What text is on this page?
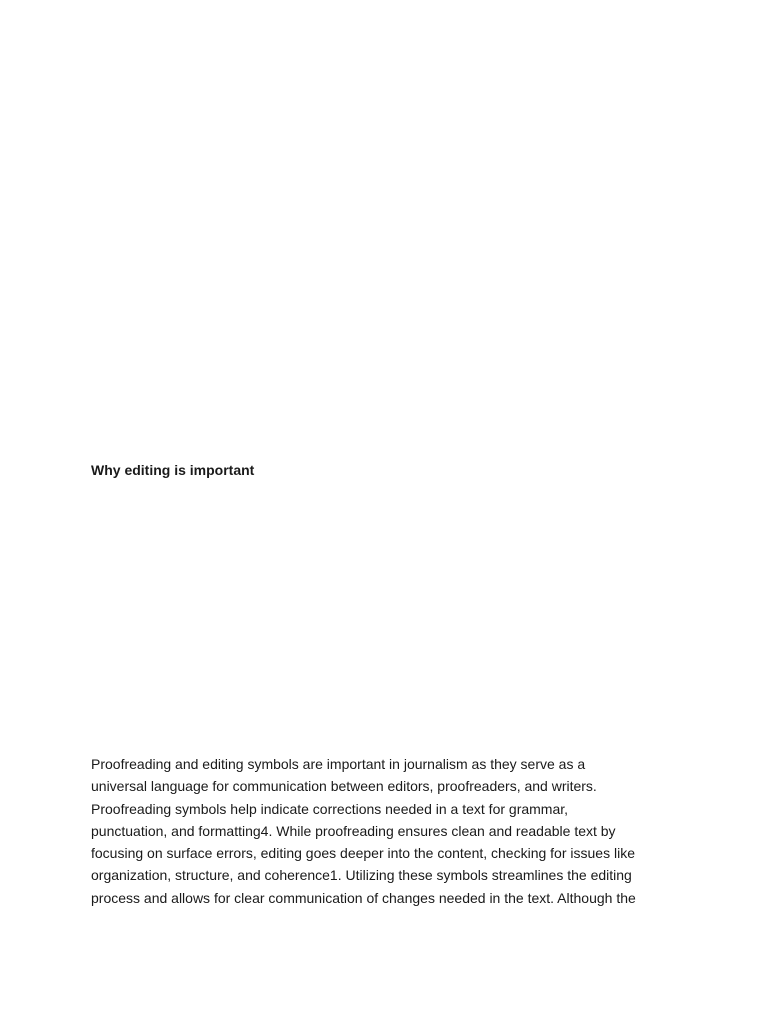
Why editing is important

Proofreading and editing symbols are important in journalism as they serve as a
universal language for communication between editors, proofreaders, and writers.
Proofreading symbols help indicate corrections needed in a text for grammar,
punctuation, and formatting4. While proofreading ensures clean and readable text by
focusing on surface errors, editing goes deeper into the content, checking for issues like
organization, structure, and coherence1. Utilizing these symbols streamlines the editing
process and allows for clear communication of changes needed in the text. Although the
